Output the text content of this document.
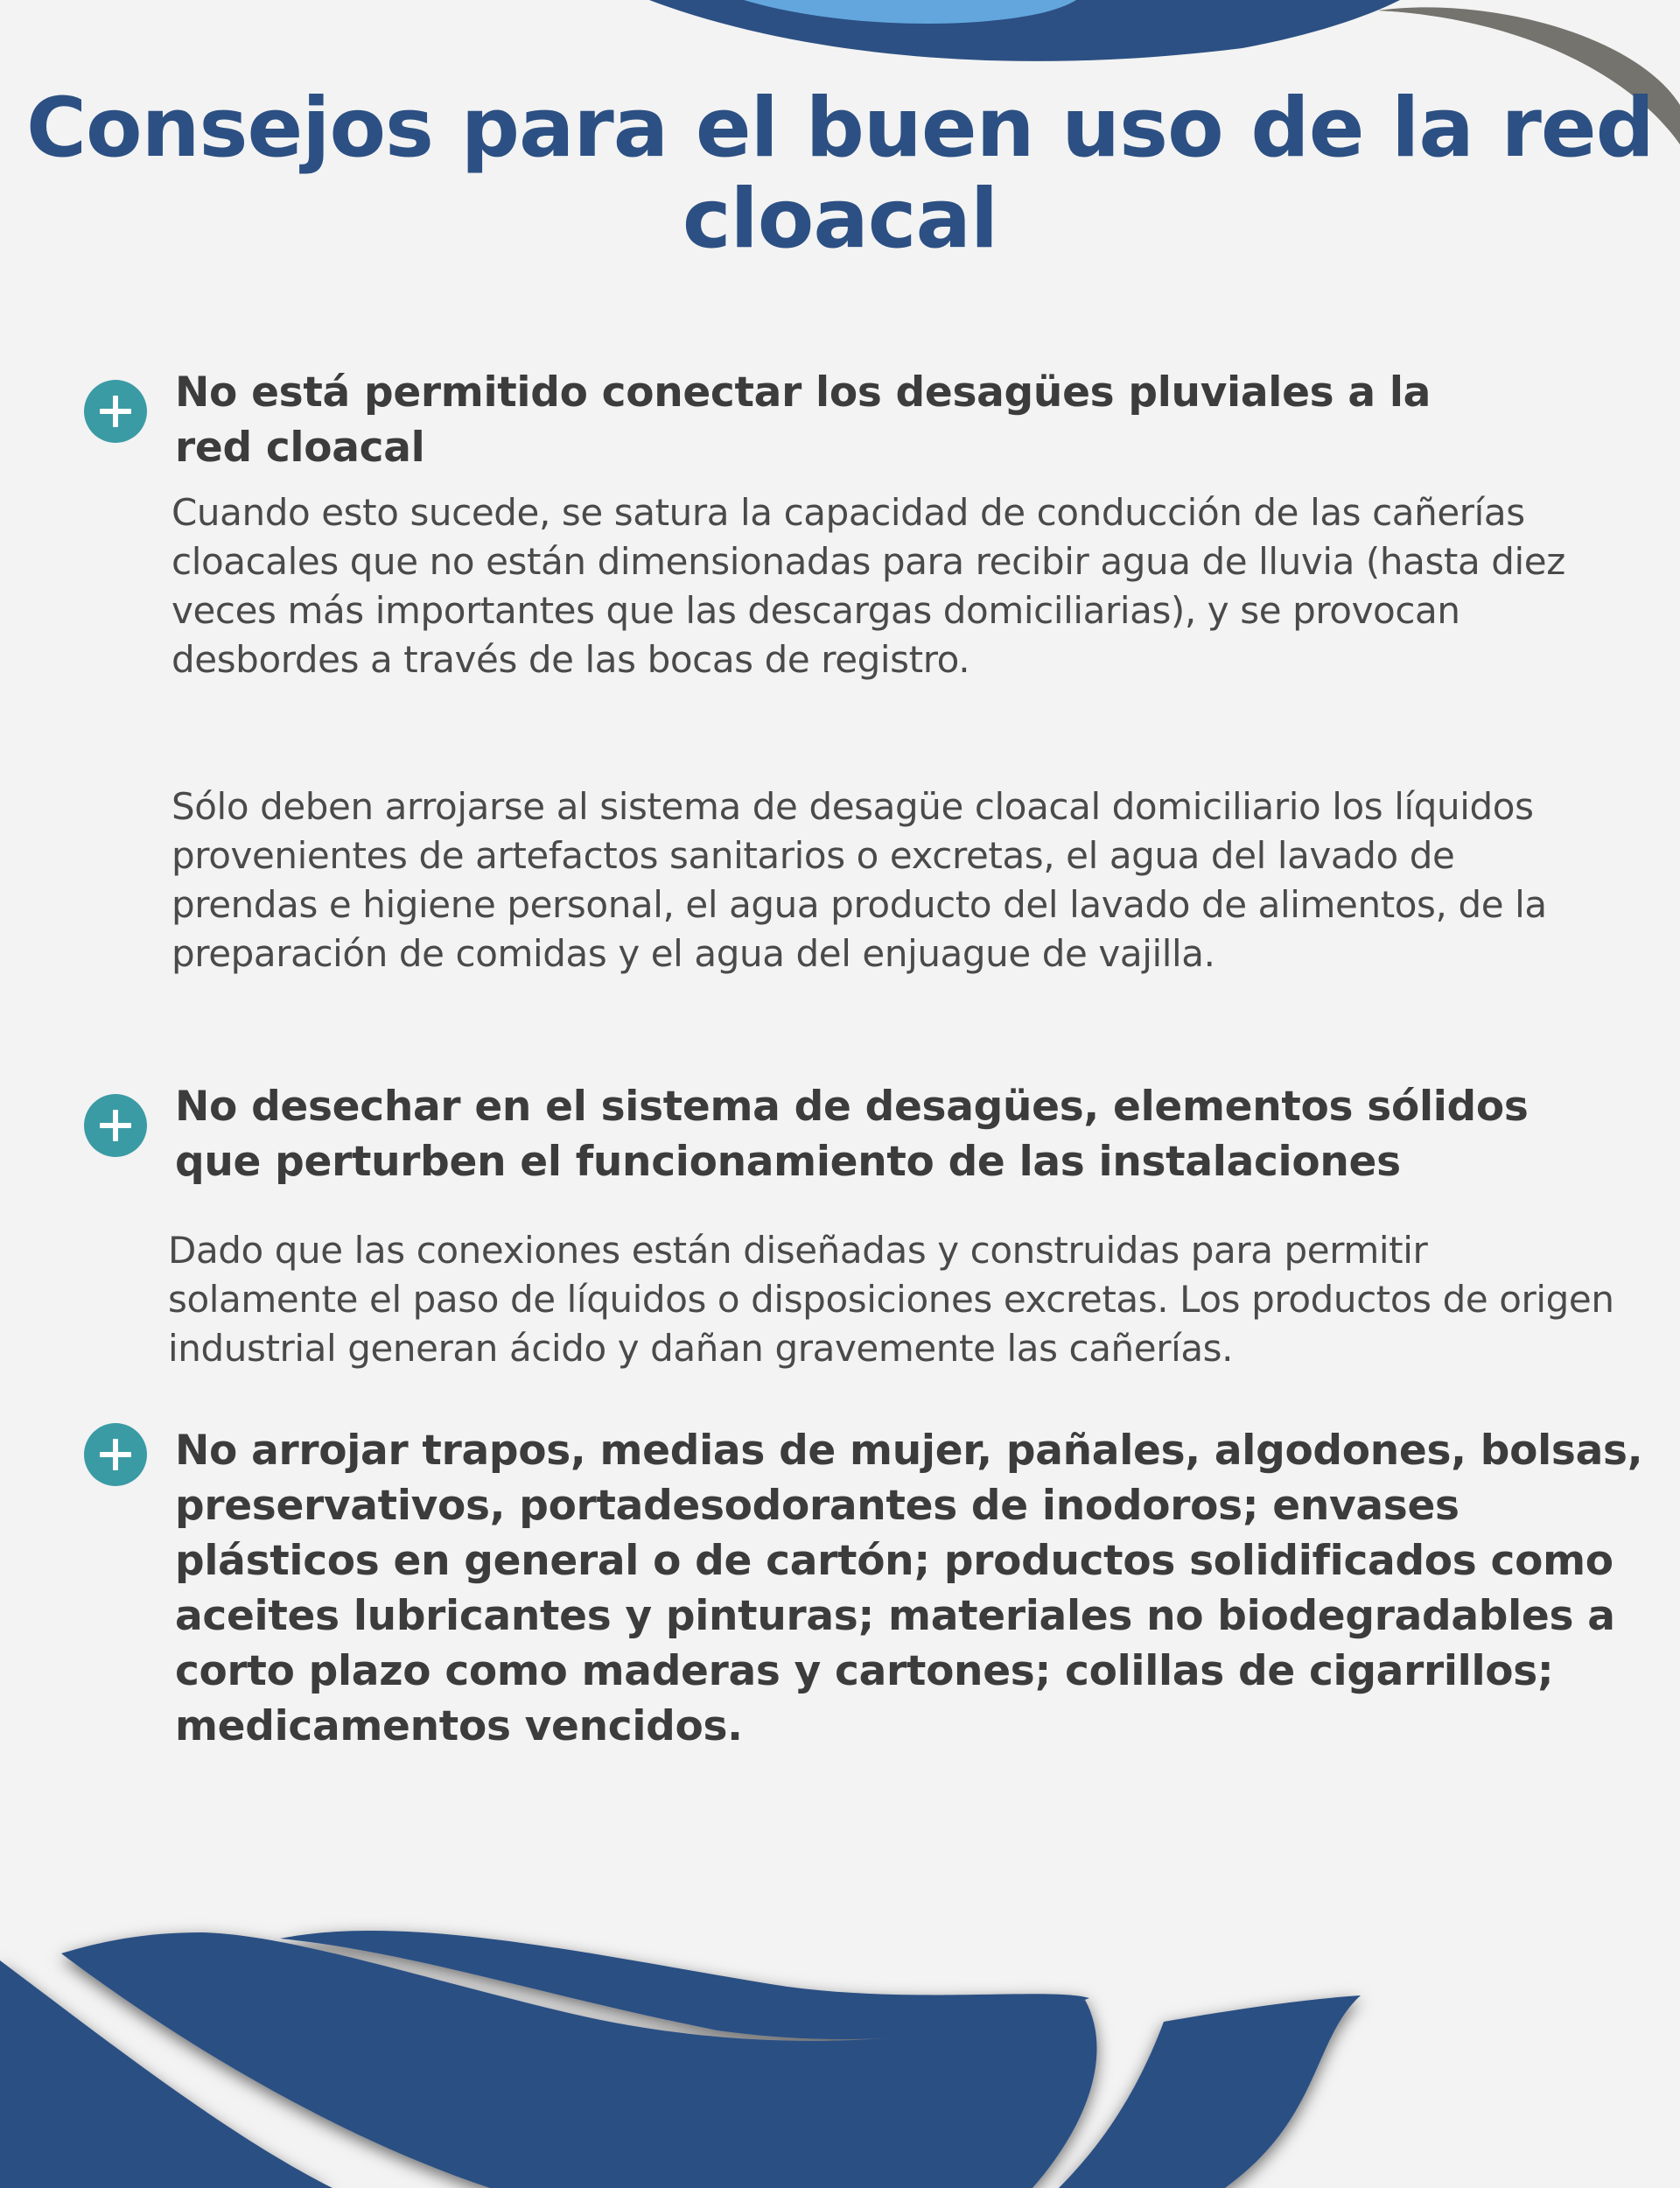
Consejos para el buen uso de la red cloacal
No está permitido conectar los desagües pluviales a la red cloacal

Cuando esto sucede, se satura la capacidad de conducción de las cañerías cloacales que no están dimensionadas para recibir agua de lluvia (hasta diez veces más importantes que las descargas domiciliarias), y se provocan desbordes a través de las bocas de registro.

Sólo deben arrojarse al sistema de desagüe cloacal domiciliario los líquidos provenientes de artefactos sanitarios o excretas, el agua del lavado de prendas e higiene personal, el agua producto del lavado de alimentos, de la preparación de comidas y el agua del enjuague de vajilla.

No desechar en el sistema de desagües, elementos sólidos que perturben el funcionamiento de las instalaciones

Dado que las conexiones están diseñadas y construidas para permitir solamente el paso de líquidos o disposiciones excretas. Los productos de origen industrial generan ácido y dañan gravemente las cañerías.

No arrojar trapos, medias de mujer, pañales, algodones, bolsas, preservativos, portadesodorantes de inodoros; envases plásticos en general o de cartón; productos solidificados como aceites lubricantes y pinturas; materiales no biodegradables a corto plazo como maderas y cartones; colillas de cigarrillos; medicamentos vencidos.
